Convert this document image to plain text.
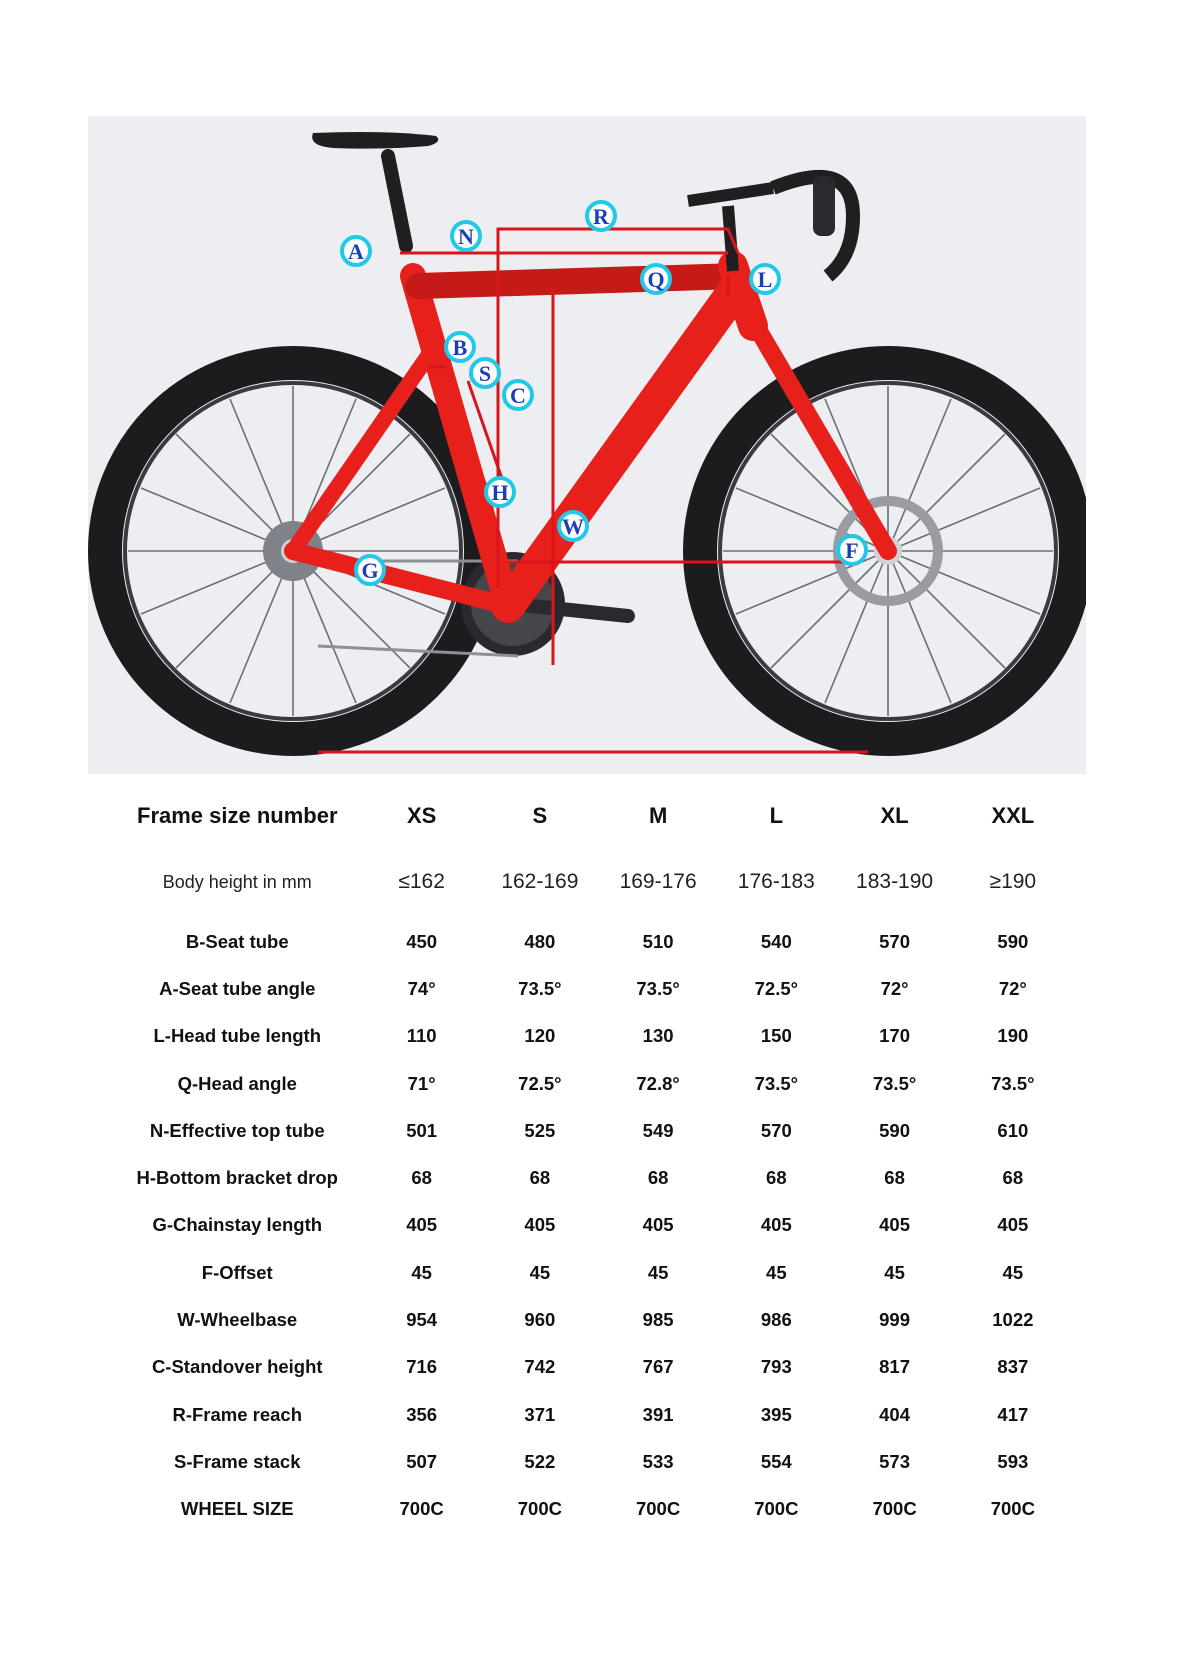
A
N
R
Q	L
B
S
C
H
W
G
F
Frame size number	XS	S	M	L	XL	XXL
Body height in mm	≤162	162-169	169-176	176-183	183-190	≥190
B-Seat tube	450	480	510	540	570	590
A-Seat tube angle	74°	73.5°	73.5°	72.5°	72°	72°
L-Head tube length	110	120	130	150	170	190
Q-Head angle	71°	72.5°	72.8°	73.5°	73.5°	73.5°
N-Effective top tube	501	525	549	570	590	610
H-Bottom bracket drop	68	68	68	68	68	68
G-Chainstay length	405	405	405	405	405	405
F-Offset	45	45	45	45	45	45
W-Wheelbase	954	960	985	986	999	1022
C-Standover height	716	742	767	793	817	837
R-Frame reach	356	371	391	395	404	417
S-Frame stack	507	522	533	554	573	593
WHEEL SIZE	700C	700C	700C	700C	700C	700C
